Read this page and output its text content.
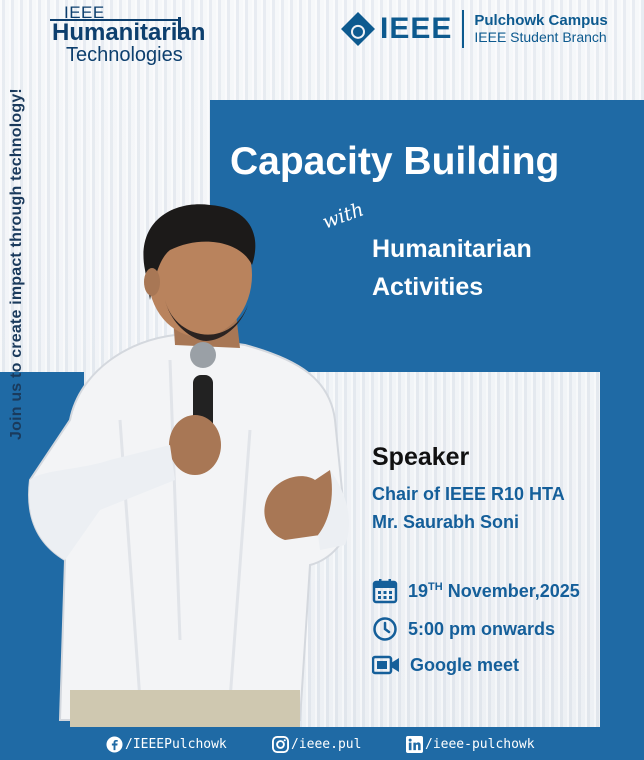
Join us to create impact through technology!
IEEE
Humanitarian
Technologies
IEEE Pulchowk Campus
IEEE Student Branch
Capacity Building
with
Humanitarian
Activities
Speaker
Chair of IEEE R10 HTA
Mr. Saurabh Soni
19TH November,2025
5:00 pm onwards
Google meet
/IEEEPulchowk	/ieee.pul	/ieee-pulchowk
